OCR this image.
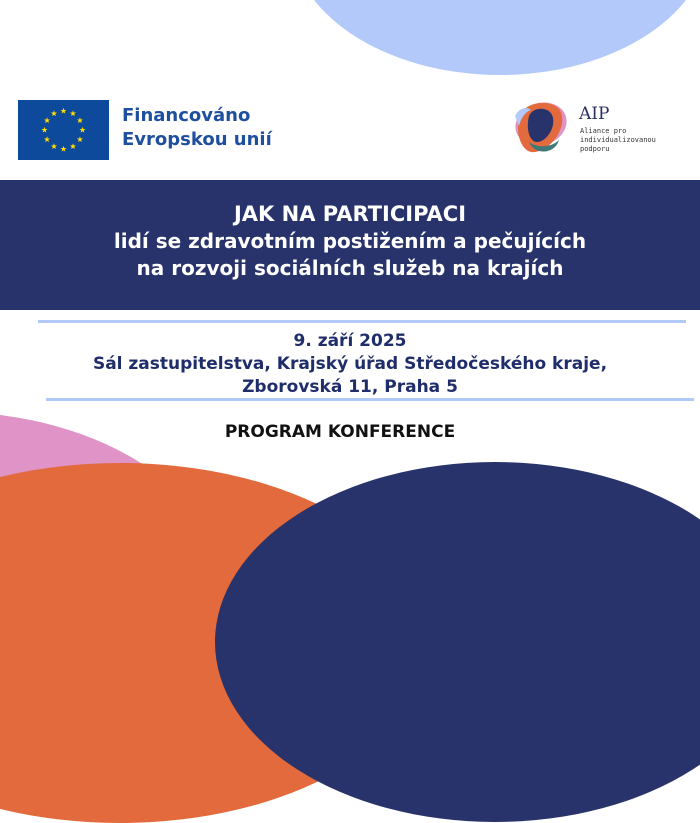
Financováno
Evropskou unií
AIP
Aliance pro individualizovanou podporu
JAK NA PARTICIPACI
lidí se zdravotním postižením a pečujících
na rozvoji sociálních služeb na krajích
9. září 2025
Sál zastupitelstva, Krajský úřad Středočeského kraje,
Zborovská 11, Praha 5
PROGRAM KONFERENCE
